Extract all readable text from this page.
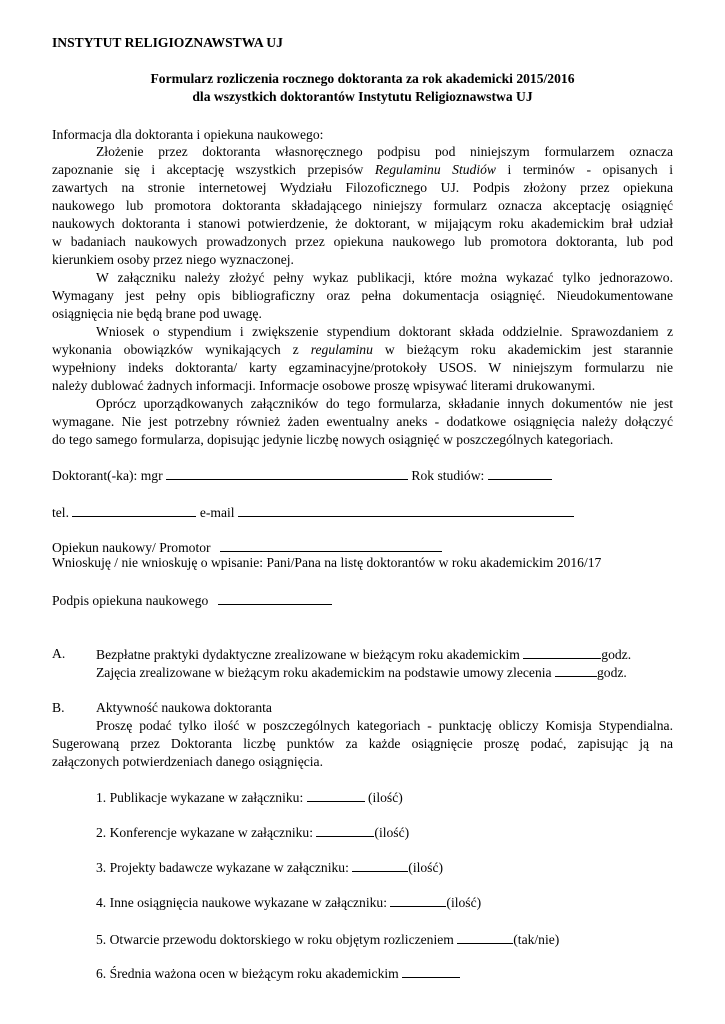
INSTYTUT RELIGIOZNAWSTWA UJ
Formularz rozliczenia rocznego doktoranta za rok akademicki 2015/2016
dla wszystkich doktorantów Instytutu Religioznawstwa UJ
Informacja dla doktoranta i opiekuna naukowego:
Złożenie przez doktoranta własnoręcznego podpisu pod niniejszym formularzem oznacza
zapoznanie się i akceptację wszystkich przepisów Regulaminu Studiów i terminów - opisanych i
zawartych na stronie internetowej Wydziału Filozoficznego UJ. Podpis złożony przez opiekuna
naukowego lub promotora doktoranta składającego niniejszy formularz oznacza akceptację osiągnięć
naukowych doktoranta i stanowi potwierdzenie, że doktorant, w mijającym roku akademickim brał udział
w badaniach naukowych prowadzonych przez opiekuna naukowego lub promotora doktoranta, lub pod
kierunkiem osoby przez niego wyznaczonej.
W załączniku należy złożyć pełny wykaz publikacji, które można wykazać tylko jednorazowo.
Wymagany jest pełny opis bibliograficzny oraz pełna dokumentacja osiągnięć. Nieudokumentowane
osiągnięcia nie będą brane pod uwagę.
Wniosek o stypendium i zwiększenie stypendium doktorant składa oddzielnie. Sprawozdaniem z
wykonania obowiązków wynikających z regulaminu w bieżącym roku akademickim jest starannie
wypełniony indeks doktoranta/ karty egzaminacyjne/protokoły USOS. W niniejszym formularzu nie
należy dublować żadnych informacji. Informacje osobowe proszę wpisywać literami drukowanymi.
Oprócz uporządkowanych załączników do tego formularza, składanie innych dokumentów nie jest
wymagane. Nie jest potrzebny również żaden ewentualny aneks - dodatkowe osiągnięcia należy dołączyć
do tego samego formularza, dopisując jedynie liczbę nowych osiągnięć w poszczególnych kategoriach.
Doktorant(-ka): mgr	Rok studiów:
tel.	e-mail
Opiekun naukowy/ Promotor
Wnioskuję / nie wnioskuję o wpisanie: Pani/Pana na listę doktorantów w roku akademickim 2016/17
Podpis opiekuna naukowego
A. Bezpłatne praktyki dydaktyczne zrealizowane w bieżącym roku akademickim	godz.
Zajęcia zrealizowane w bieżącym roku akademickim na podstawie umowy zlecenia	godz.
B. Aktywność naukowa doktoranta
Proszę podać tylko ilość w poszczególnych kategoriach - punktację obliczy Komisja Stypendialna.
Sugerowaną przez Doktoranta liczbę punktów za każde osiągnięcie proszę podać, zapisując ją na
załączonych potwierdzeniach danego osiągnięcia.
1. Publikacje wykazane w załączniku:	(ilość)
2. Konferencje wykazane w załączniku:	(ilość)
3. Projekty badawcze wykazane w załączniku:	(ilość)
4. Inne osiągnięcia naukowe wykazane w załączniku:	(ilość)
5. Otwarcie przewodu doktorskiego w roku objętym rozliczeniem	(tak/nie)
6. Średnia ważona ocen w bieżącym roku akademickim
